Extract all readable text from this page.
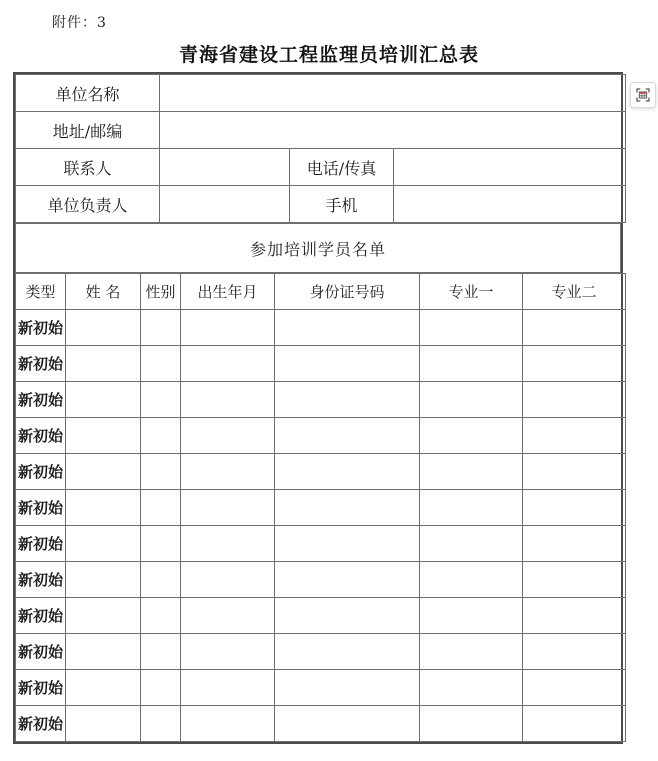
附件：3
青海省建设工程监理员培训汇总表
单位名称			
地址/邮编			
联系人		电话/传真	
单位负责人		手机	
参加培训学员名单
类型	姓 名	性别	出生年月	身份证号码	专业一	专业二
新初始						
新初始						
新初始						
新初始						
新初始						
新初始						
新初始						
新初始						
新初始						
新初始						
新初始						
新初始						
